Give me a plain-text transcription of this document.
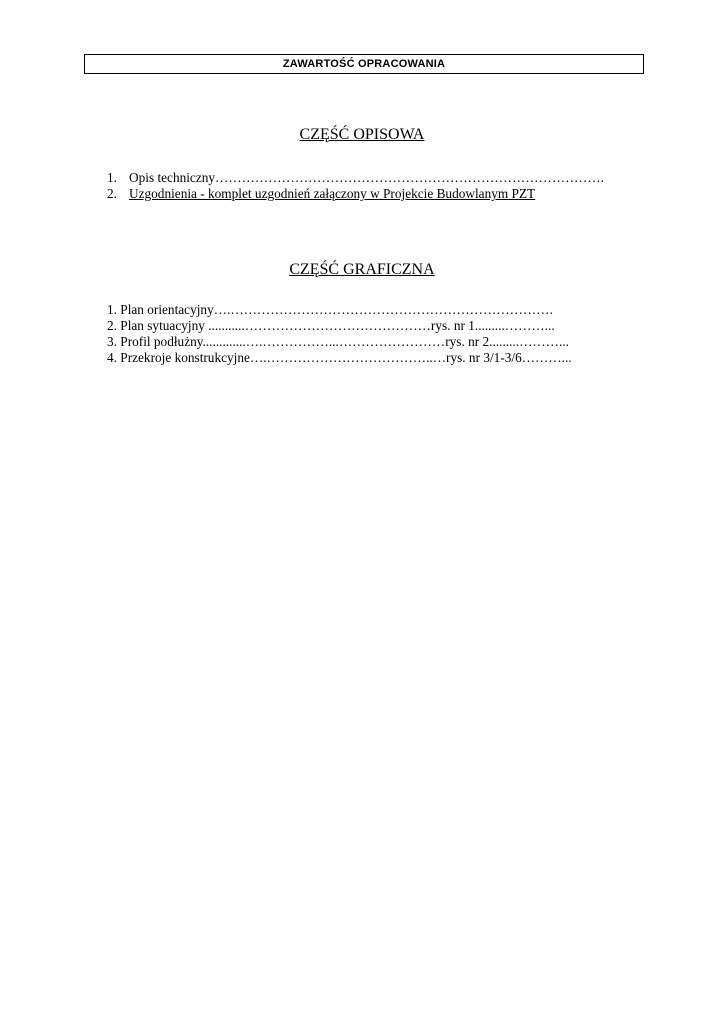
ZAWARTOŚĆ OPRACOWANIA
CZĘŚĆ OPISOWA
1. Opis techniczny…………………………………………………………………………….
2. Uzgodnienia - komplet uzgodnień załączony w Projekcie Budowlanym PZT
CZĘŚĆ GRAFICZNA
1. Plan orientacyjny….……………………………………………………………….
2. Plan sytuacyjny ...........……………………………………rys. nr 1.........………...
3. Profil podłużny.............….……………...……………………rys. nr 2.........………...
4. Przekroje konstrukcyjne….………………………………..…rys. nr 3/1-3/6………...
